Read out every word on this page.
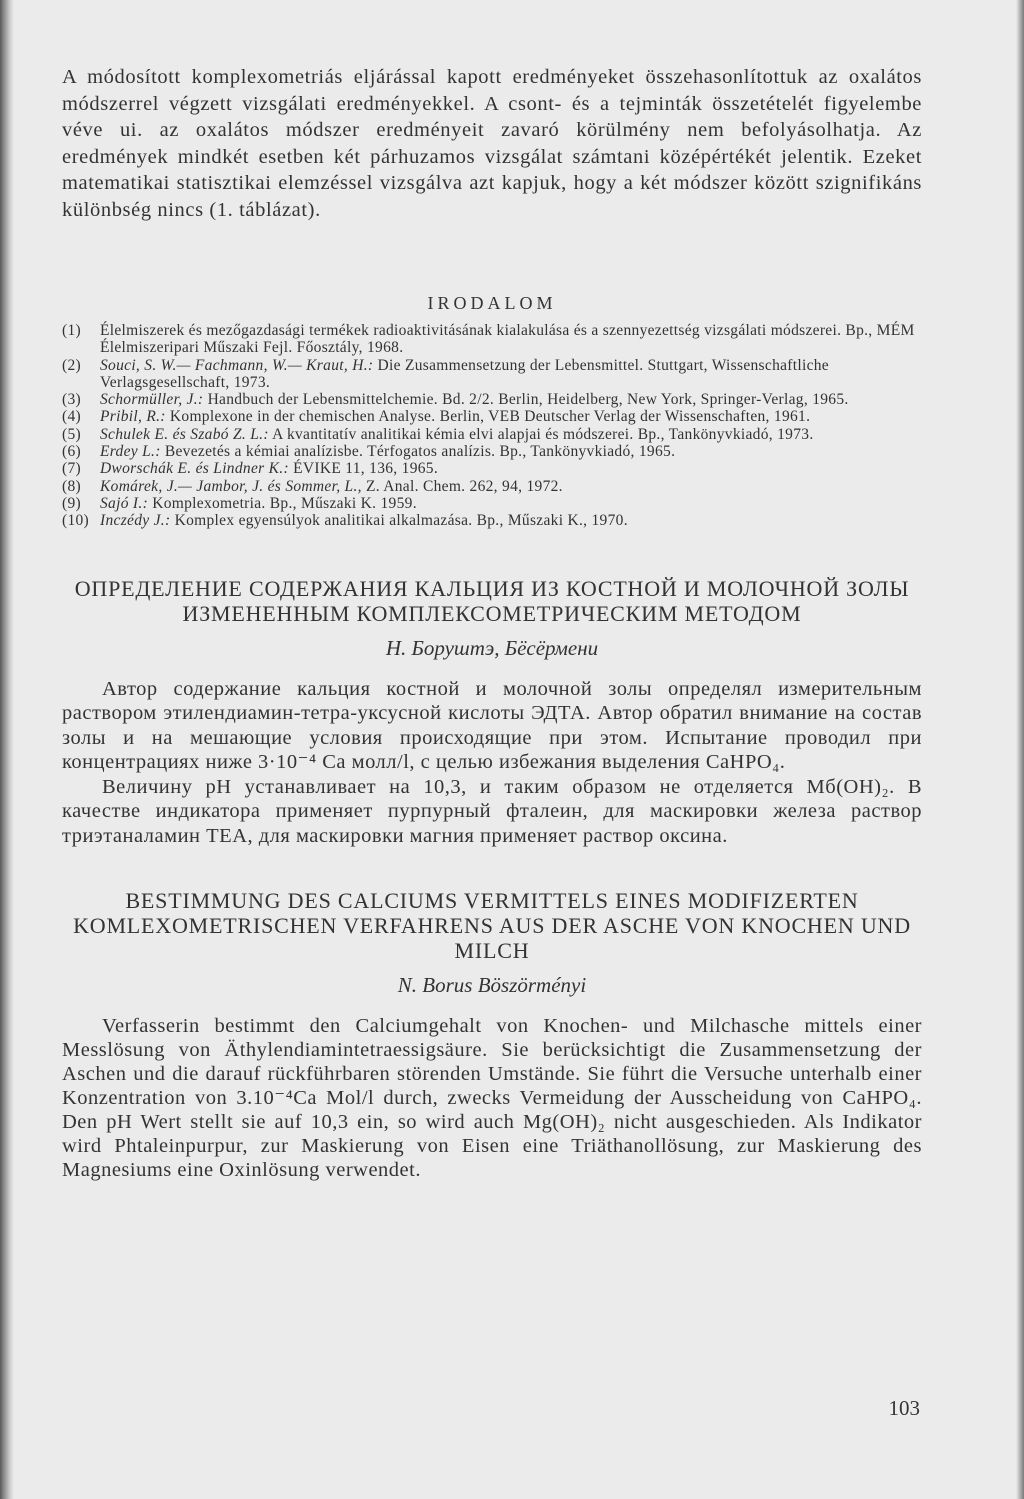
A módosított komplexometriás eljárással kapott eredményeket összehasonlítottuk az oxalátos módszerrel végzett vizsgálati eredményekkel. A csont- és a tejminták összetételét figyelembe véve ui. az oxalátos módszer eredményeit zavaró körülmény nem befolyásolhatja. Az eredmények mindkét esetben két párhuzamos vizsgálat számtani középértékét jelentik. Ezeket matematikai statisztikai elemzéssel vizsgálva azt kapjuk, hogy a két módszer között szignifikáns különbség nincs (1. táblázat).

IRODALOM
(1)	Élelmiszerek és mezőgazdasági termékek radioaktivitásának kialakulása és a szennyezettség vizsgálati módszerei. Bp., MÉM Élelmiszeripari Műszaki Fejl. Főosztály, 1968.
(2)	Souci, S. W.— Fachmann, W.— Kraut, H.: Die Zusammensetzung der Lebensmittel. Stuttgart, Wissenschaftliche Verlagsgesellschaft, 1973.
(3)	Schormüller, J.: Handbuch der Lebensmittelchemie. Bd. 2/2. Berlin, Heidelberg, New York, Springer-Verlag, 1965.
(4)	Pribil, R.: Komplexone in der chemischen Analyse. Berlin, VEB Deutscher Verlag der Wissenschaften, 1961.
(5)	Schulek E. és Szabó Z. L.: A kvantitatív analitikai kémia elvi alapjai és módszerei. Bp., Tankönyvkiadó, 1973.
(6)	Erdey L.: Bevezetés a kémiai analízisbe. Térfogatos analízis. Bp., Tankönyvkiadó, 1965.
(7)	Dworschák E. és Lindner K.: ÉVIKE 11, 136, 1965.
(8)	Komárek, J.— Jambor, J. és Sommer, L., Z. Anal. Chem. 262, 94, 1972.
(9)	Sajó I.: Komplexometria. Bp., Műszaki K. 1959.
(10) Inczédy J.: Komplex egyensúlyok analitikai alkalmazása. Bp., Műszaki K., 1970.
ОПРЕДЕЛЕНИЕ СОДЕРЖАНИЯ КАЛЬЦИЯ ИЗ КОСТНОЙ И МОЛОЧНОЙ ЗОЛЫ ИЗМЕНЕННЫМ КОМПЛЕКСОМЕТРИЧЕСКИМ МЕТОДОМ
Н. Боруштэ, Бёсёрмени

Автор содержание кальция костной и молочной золы определял измерительным раствором этилендиамин-тетра-уксусной кислоты ЭДТА. Автор обратил внимание на состав золы и на мешающие условия происходящие при этом. Испытание проводил при концентрациях ниже 3·10⁻⁴ Ca молл/l, с целью избежания выделения CaHPO₄.

Величину pH устанавливает на 10,3, и таким образом не отделяется Mб(OH)₂. В качестве индикатора применяет пурпурный фталеин, для маскировки железа раствор триэтаналамин ТЕА, для маскировки магния применяет раствор оксина.

BESTIMMUNG DES CALCIUMS VERMITTELS EINES MODIFIZERTEN KOMLEXOMETRISCHEN VERFAHRENS AUS DER ASCHE VON KNOCHEN UND MILCH
N. Borus Böszörményi

Verfasserin bestimmt den Calciumgehalt von Knochen- und Milchasche mittels einer Messlösung von Äthylendiamintetraessigsäure. Sie berücksichtigt die Zusammensetzung der Aschen und die darauf rückführbaren störenden Umstände. Sie führt die Versuche unterhalb einer Konzentration von 3.10⁻⁴Ca Mol/l durch, zwecks Vermeidung der Ausscheidung von CaHPO₄. Den pH Wert stellt sie auf 10,3 ein, so wird auch Mg(OH)₂ nicht ausgeschieden. Als Indikator wird Phtaleinpurpur, zur Maskierung von Eisen eine Triäthanollösung, zur Maskierung des Magnesiums eine Oxinlösung verwendet.

103
